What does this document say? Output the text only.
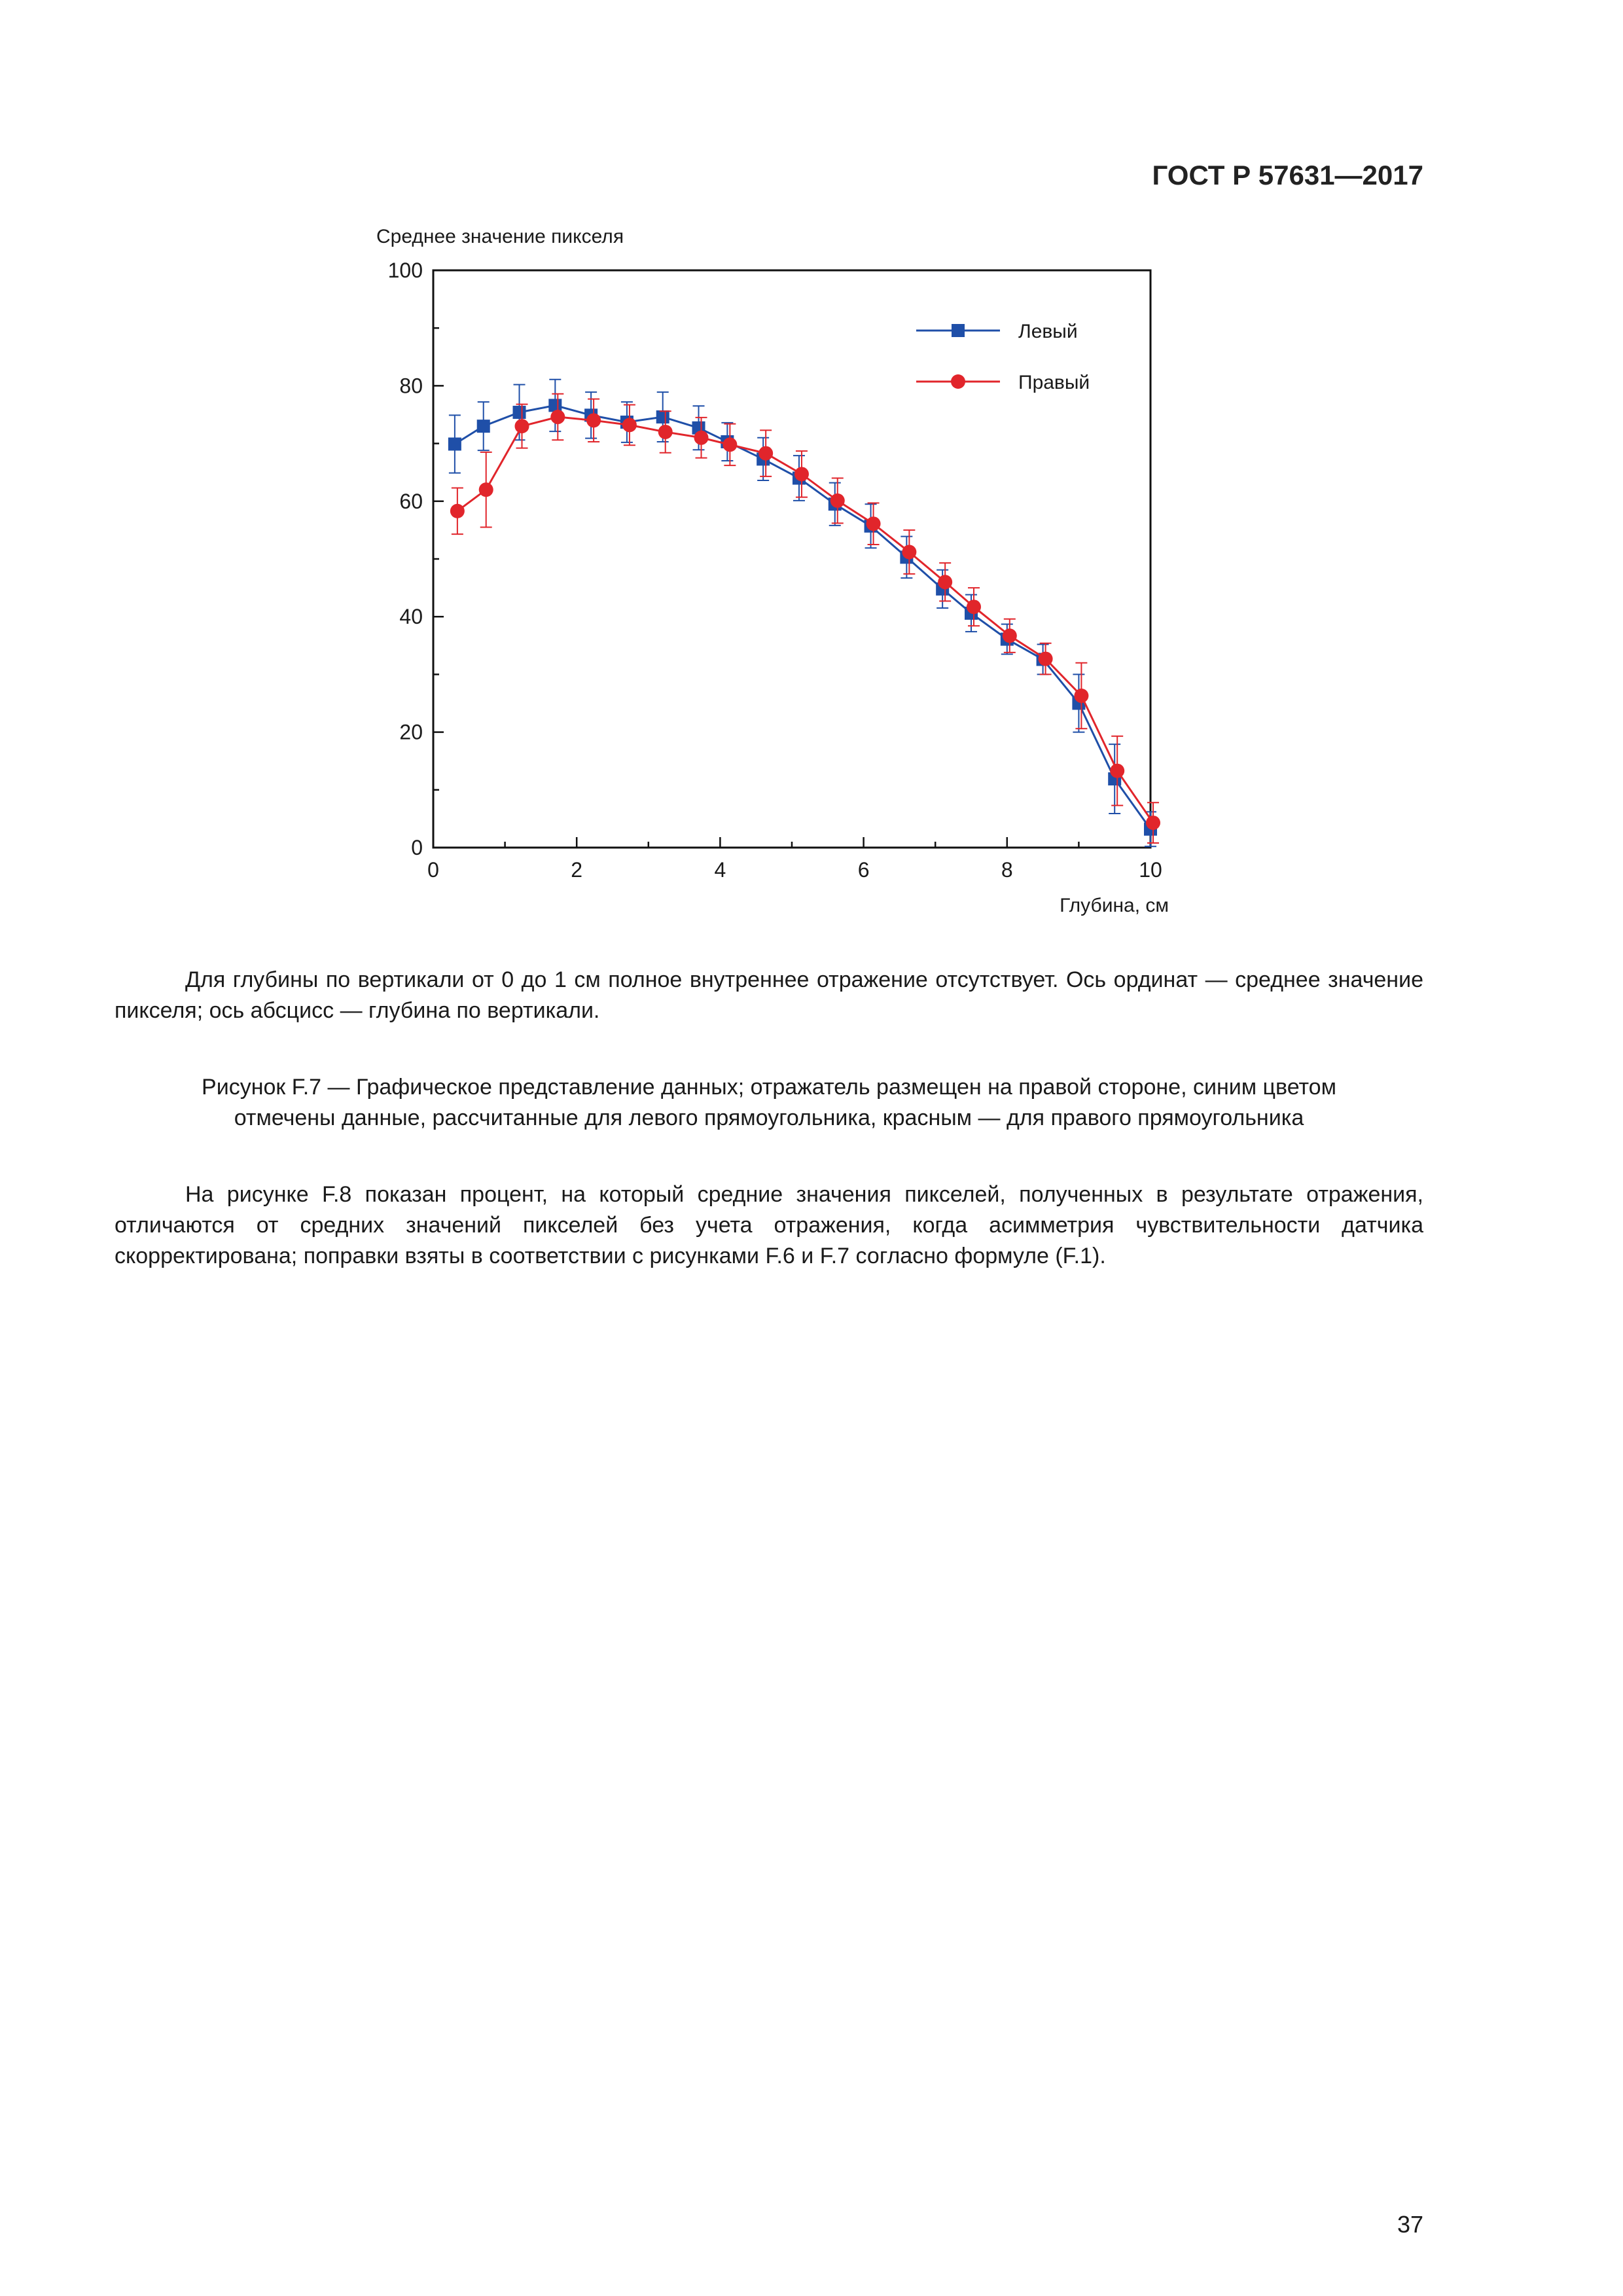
ГОСТ Р 57631—2017
Среднее значение пикселя
Глубина, см
0	2	4	6	8	10
0
20
40
60
80
100
Левый
Правый

Для глубины по вертикали от 0 до 1 см полное внутреннее отражение отсутствует. Ось ординат — среднее значение пикселя; ось абсцисс — глубина по вертикали.

Рисунок F.7 — Графическое представление данных; отражатель размещен на правой стороне, синим цветом
отмечены данные, рассчитанные для левого прямоугольника, красным — для правого прямоугольника

На рисунке F.8 показан процент, на который средние значения пикселей, полученных в результате отражения, отличаются от средних значений пикселей без учета отражения, когда асимметрия чувствительности датчика скорректирована; поправки взяты в соответствии с рисунками F.6 и F.7 согласно формуле (F.1).

37
